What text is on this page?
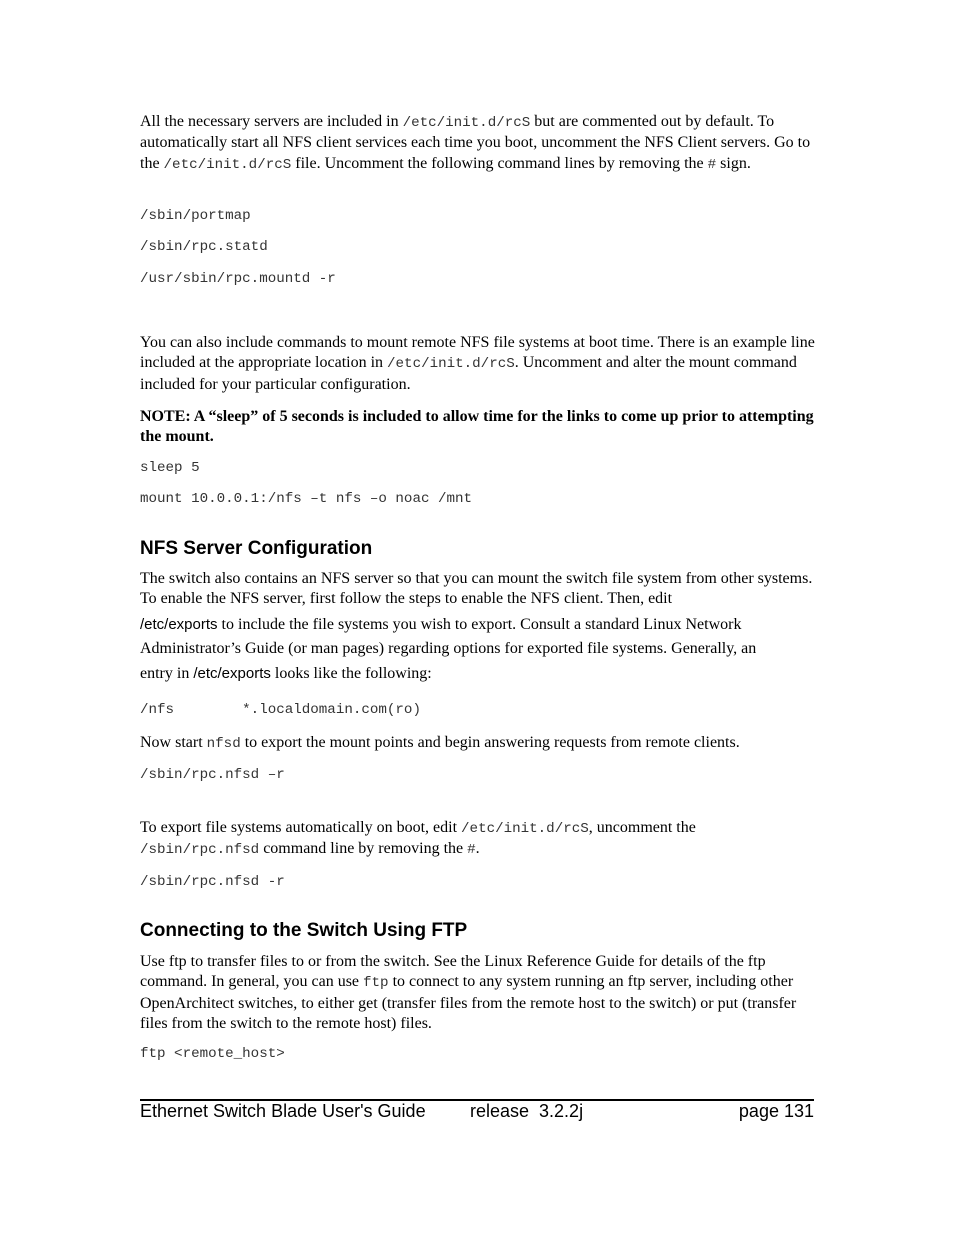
All the necessary servers are included in /etc/init.d/rcS but are commented out by default. To automatically start all NFS client services each time you boot, uncomment the NFS Client servers. Go to the /etc/init.d/rcS file. Uncomment the following command lines by removing the # sign.

/sbin/portmap
/sbin/rpc.statd
/usr/sbin/rpc.mountd -r

You can also include commands to mount remote NFS file systems at boot time. There is an example line included at the appropriate location in /etc/init.d/rcS. Uncomment and alter the mount command included for your particular configuration.

NOTE: A “sleep” of 5 seconds is included to allow time for the links to come up prior to attempting the mount.

sleep 5
mount 10.0.0.1:/nfs –t nfs –o noac /mnt
NFS Server Configuration

The switch also contains an NFS server so that you can mount the switch file system from other systems. To enable the NFS server, first follow the steps to enable the NFS client. Then, edit
/etc/exports to include the file systems you wish to export. Consult a standard Linux Network Administrator’s Guide (or man pages) regarding options for exported file systems. Generally, an
entry in /etc/exports looks like the following:

/nfs        *.localdomain.com(ro)

Now start nfsd to export the mount points and begin answering requests from remote clients.

/sbin/rpc.nfsd –r

To export file systems automatically on boot, edit /etc/init.d/rcS, uncomment the
/sbin/rpc.nfsd command line by removing the #.

/sbin/rpc.nfsd -r
Connecting to the Switch Using FTP

Use ftp to transfer files to or from the switch. See the Linux Reference Guide for details of the ftp command. In general, you can use ftp to connect to any system running an ftp server, including other OpenArchitect switches, to either get (transfer files from the remote host to the switch) or put (transfer files from the switch to the remote host) files.

ftp <remote_host>
Ethernet Switch Blade User's Guide release  3.2.2j	page 131
